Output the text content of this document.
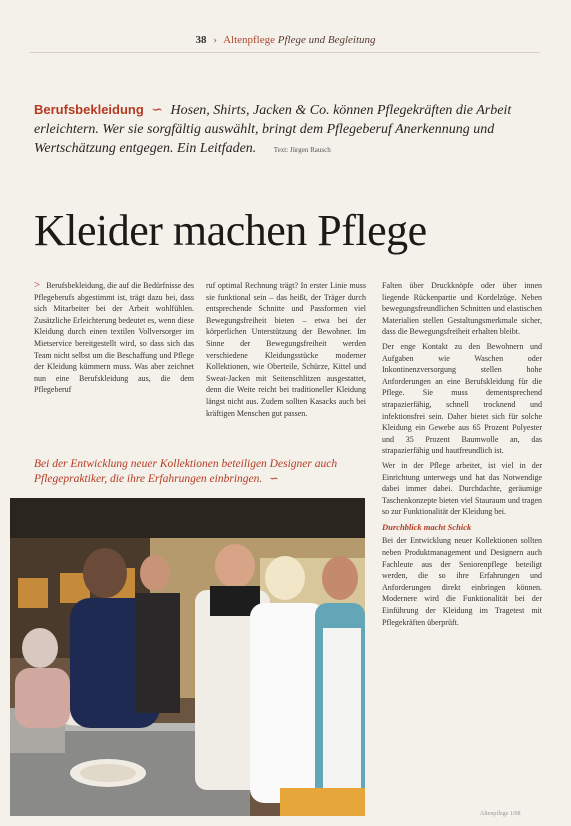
38 › Altenpflege Pflege und Begleitung
Berufsbekleidung ∽ Hosen, Shirts, Jacken & Co. können Pflegekräften die Arbeit erleichtern. Wer sie sorgfältig auswählt, bringt dem Pflegeberuf Anerkennung und Wertschätzung entgegen. Ein Leitfaden.	Text: Jürgen Rausch
Kleider machen Pflege

> Berufsbekleidung, die auf die Bedürfnisse des Pflegeberufs abgestimmt ist, trägt dazu bei, dass sich Mitarbeiter bei der Arbeit wohlfühlen. Zusätzliche Erleichterung bedeutet es, wenn diese Kleidung durch einen textilen Vollversorger im Mietservice bereitgestellt wird, so dass sich das Team nicht selbst um die Beschaffung und Pflege der Kleidung kümmern muss. Was aber zeichnet nun eine Berufskleidung aus, die dem Pflegeberuf

ruf optimal Rechnung trägt? In erster Linie muss sie funktional sein – das heißt, der Träger durch entsprechende Schnitte und Passformen viel Bewegungsfreiheit bieten – etwa bei der körperlichen Unterstützung der Bewohner. Im Sinne der Bewegungsfreiheit werden verschiedene Kleidungsstücke moderner Kollektionen, wie Oberteile, Schürze, Kittel und Sweat-Jacken mit Seitenschlitzen ausgestattet, denn die Weite reicht bei traditioneller Kleidung längst nicht aus. Zudem sollten Kasacks auch bei kräftigen Menschen gut passen.

Falten über Druckknöpfe oder über innen liegende Rückenpartie und Kordelzüge. Neben bewegungsfreundlichen Schnitten und elastischen Materialien stellen Gestaltungsmerkmale sicher, dass die Bewegungsfreiheit erhalten bleibt.

Der enge Kontakt zu den Bewohnern und Aufgaben wie Waschen oder Inkontinenzversorgung stellen hohe Anforderungen an eine Berufskleidung für die Pflege. Sie muss dementsprechend strapazierfähig, schnell trocknend und infektionsfrei sein. Daher bietet sich für solche Kleidung ein Gewebe aus 65 Prozent Polyester und 35 Prozent Baumwolle an, das strapazierfähig und hautfreundlich ist.

Wer in der Pflege arbeitet, ist viel in der Einrichtung unterwegs und hat das Notwendige dabei immer dabei. Durchdachte, geräumige Taschenkonzepte bieten viel Stauraum und tragen so zur Funktionalität der Kleidung bei.

Durchblick macht Schick

Bei der Entwicklung neuer Kollektionen sollten neben Produktmanagement und Designern auch Fachleute aus der Seniorenpflege beteiligt werden, die so ihre Erfahrungen und Anforderungen direkt einbringen können. Modernere wird die Funktionalität bei der Einführung der Kleidung im Tragetest mit Pflegekräften überprüft.

Bei der Entwicklung neuer Kollektionen beteiligen Designer auch Pflegepraktiker, die ihre Erfahrungen einbringen. ∽
Altenpflege 1/08
